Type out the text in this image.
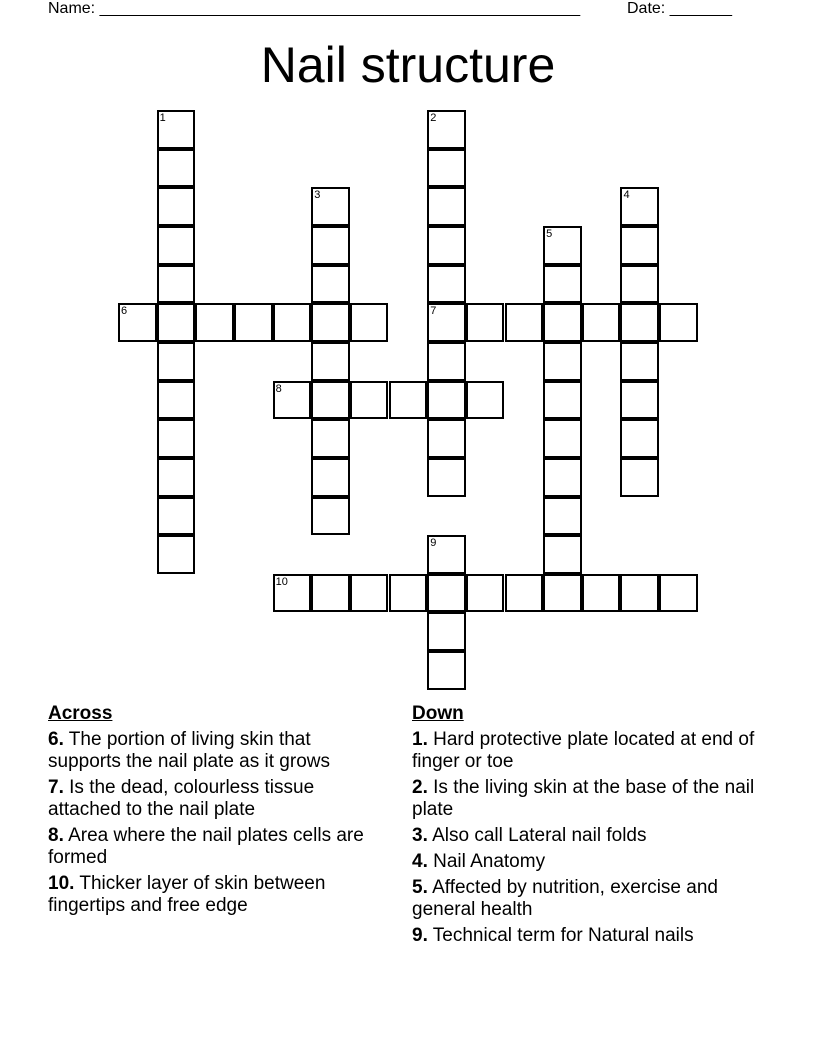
Name: ______________________________________________________	Date: _______
Nail structure
1	2
7
3	4
5
6
8
9
10
Across
6. The portion of living skin that supports the nail plate as it grows
7. Is the dead, colourless tissue attached to the nail plate
8. Area where the nail plates cells are formed
10. Thicker layer of skin between fingertips and free edge
Down
1. Hard protective plate located at end of finger or toe
2. Is the living skin at the base of the nail plate
3. Also call Lateral nail folds
4. Nail Anatomy
5. Affected by nutrition, exercise and general health
9. Technical term for Natural nails
